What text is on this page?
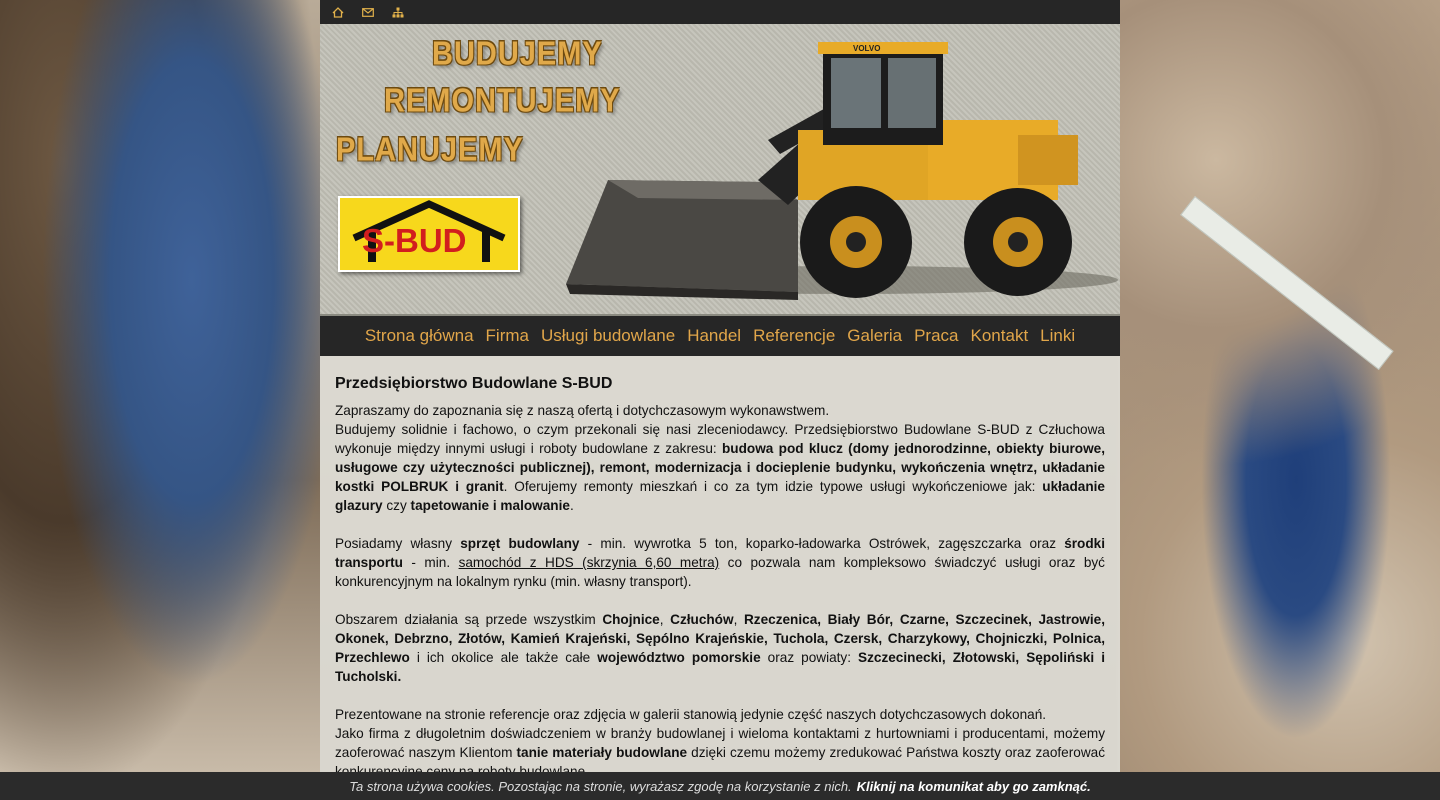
BUDUJEMY
REMONTUJEMY
PLANUJEMY
S-BUD
VOLVO
Strona główna Firma Usługi budowlane Handel Referencje Galeria Praca Kontakt Linki
Przedsiębiorstwo Budowlane S-BUD

Zapraszamy do zapoznania się z naszą ofertą i dotychczasowym wykonawstwem.

Budujemy solidnie i fachowo, o czym przekonali się nasi zleceniodawcy. Przedsiębiorstwo Budowlane S-BUD z Człuchowa wykonuje między innymi usługi i roboty budowlane z zakresu: budowa pod klucz (domy jednorodzinne, obiekty biurowe, usługowe czy użyteczności publicznej), remont, modernizacja i docieplenie budynku, wykończenia wnętrz, układanie kostki POLBRUK i granit. Oferujemy remonty mieszkań i co za tym idzie typowe usługi wykończeniowe jak: układanie glazury czy tapetowanie i malowanie.

Posiadamy własny sprzęt budowlany - min. wywrotka 5 ton, koparko-ładowarka Ostrówek, zagęszczarka oraz środki transportu - min. samochód z HDS (skrzynia 6,60 metra) co pozwala nam kompleksowo świadczyć usługi oraz być konkurencyjnym na lokalnym rynku (min. własny transport).

Obszarem działania są przede wszystkim Chojnice, Człuchów, Rzeczenica, Biały Bór, Czarne, Szczecinek, Jastrowie, Okonek, Debrzno, Złotów, Kamień Krajeński, Sępólno Krajeńskie, Tuchola, Czersk, Charzykowy, Chojniczki, Polnica, Przechlewo i ich okolice ale także całe województwo pomorskie oraz powiaty: Szczecinecki, Złotowski, Sępoliński i Tucholski.

Prezentowane na stronie referencje oraz zdjęcia w galerii stanowią jedynie część naszych dotychczasowych dokonań.

Jako firma z długoletnim doświadczeniem w branży budowlanej i wieloma kontaktami z hurtowniami i producentami, możemy zaoferować naszym Klientom tanie materiały budowlane dzięki czemu możemy zredukować Państwa koszty oraz zaoferować

Ta strona używa cookies. Pozostając na stronie, wyrażasz zgodę na korzystanie z nich. Kliknij na komunikat aby go zamknąć.
